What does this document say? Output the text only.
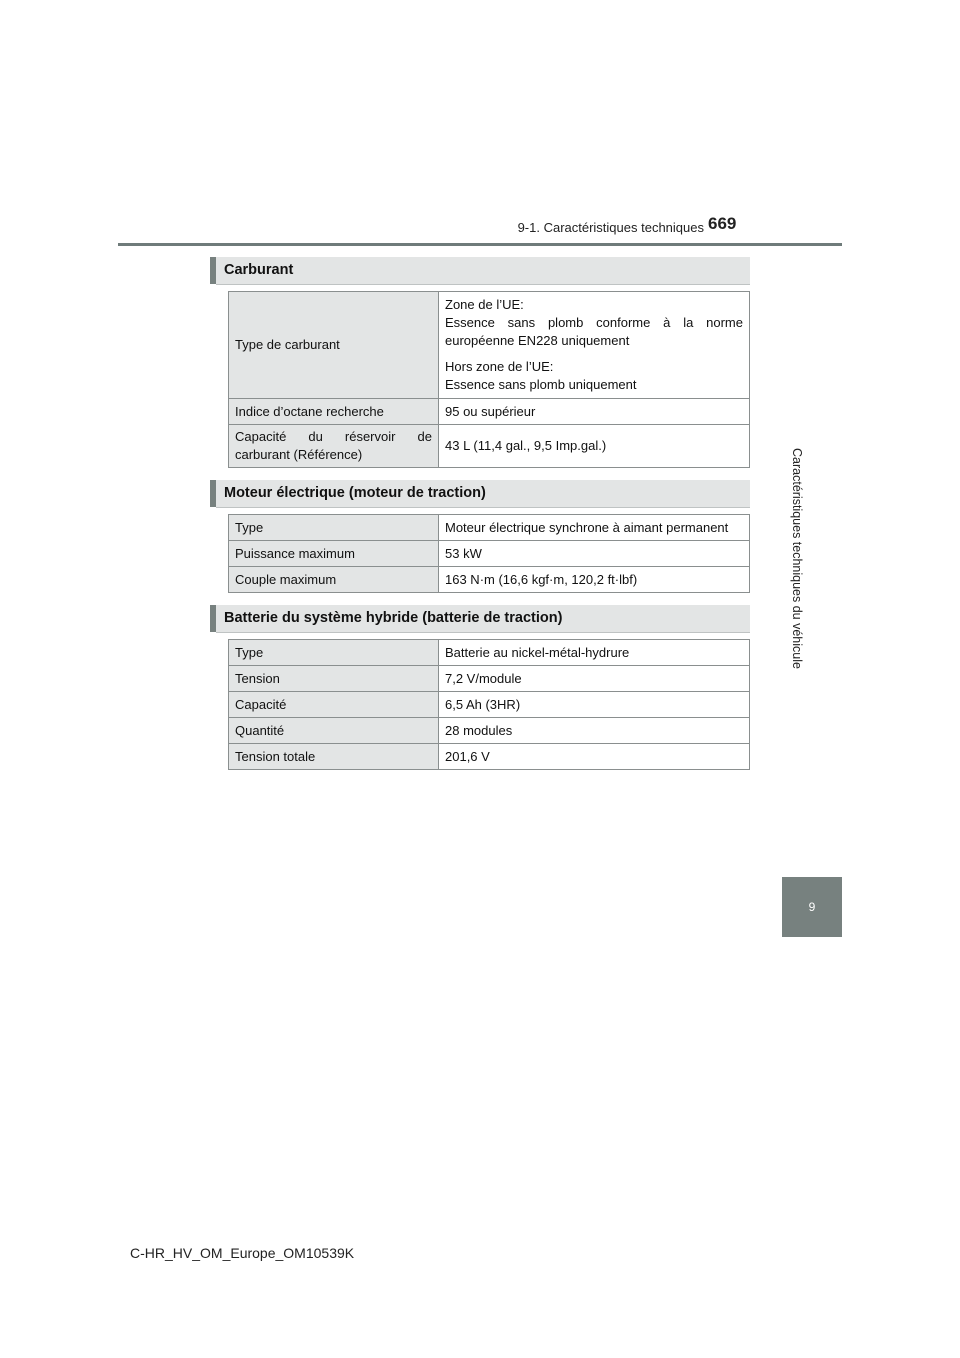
9-1. Caractéristiques techniques 669
Caractéristiques techniques du véhicule
9
Carburant
Type de carburant	Zone de l’UE:
Essence sans plomb conforme à la norme européenne EN228 uniquement
Hors zone de l’UE:
Essence sans plomb uniquement

Indice d’octane recherche	95 ou supérieur
Capacité du réservoir de carburant (Référence)	43 L (11,4 gal., 9,5 Imp.gal.)
Moteur électrique (moteur de traction)
Type	Moteur électrique synchrone à aimant permanent
Puissance maximum	53 kW
Couple maximum	163 N·m (16,6 kgf·m, 120,2 ft·lbf)
Batterie du système hybride (batterie de traction)
Type	Batterie au nickel-métal-hydrure
Tension	7,2 V/module
Capacité	6,5 Ah (3HR)
Quantité	28 modules
Tension totale	201,6 V
C-HR_HV_OM_Europe_OM10539K
